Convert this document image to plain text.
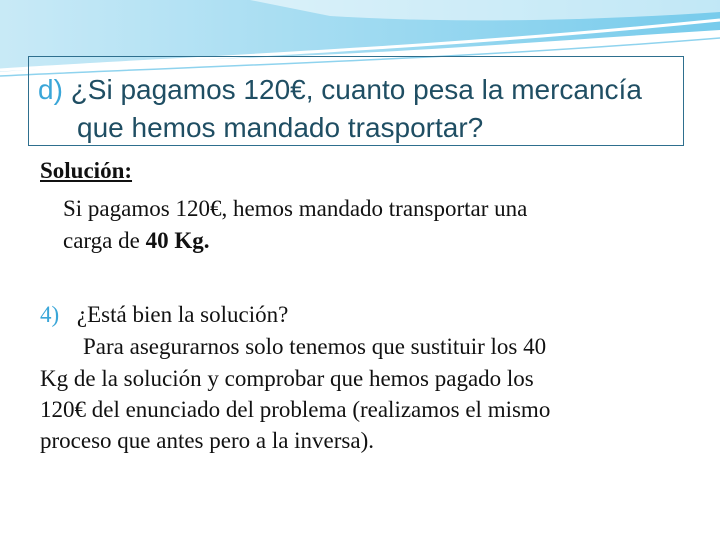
d) ¿Si pagamos 120€, cuanto pesa la mercancía
que hemos mandado trasportar?
Solución:
Si pagamos 120€, hemos mandado transportar una
carga de 40 Kg.
4) ¿Está bien la solución?
Para asegurarnos solo tenemos que sustituir los 40
Kg de la solución y comprobar que hemos pagado los
120€ del enunciado del problema (realizamos el mismo
proceso que antes pero a la inversa).
